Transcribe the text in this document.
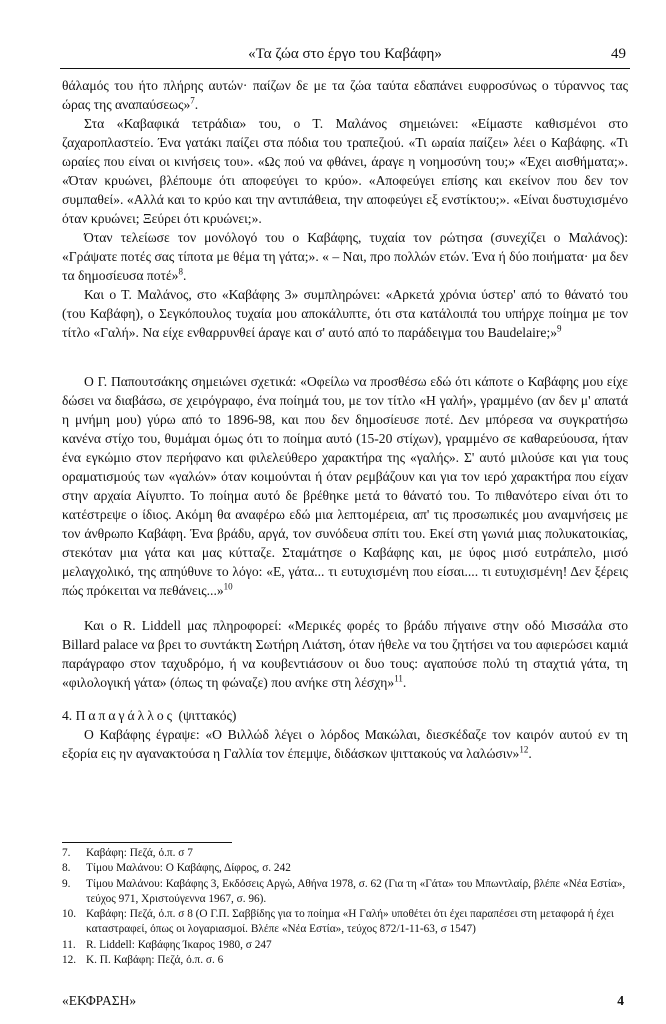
«Τα ζώα στο έργο του Καβάφη»	49

θάλαμός του ήτο πλήρης αυτών· παίζων δε με τα ζώα ταύτα εδαπάνει ευφροσύνως ο τύραννος τας ώρας της αναπαύσεως»$^7$.

Στα «Καβαφικά τετράδια» του, ο Τ. Μαλάνος σημειώνει: «Είμαστε καθισμένοι στο ζαχαροπλαστείο. Ένα γατάκι παίζει στα πόδια του τραπεζιού. «Τι ωραία παίζει» λέει ο Καβάφης. «Τι ωραίες που είναι οι κινήσεις του». «Ως πού να φθάνει, άραγε η νοημοσύνη του;» «Έχει αισθήματα;». «Όταν κρυώνει, βλέπουμε ότι αποφεύγει το κρύο». «Αποφεύγει επίσης και εκείνον που δεν τον συμπαθεί». «Αλλά και το κρύο και την αντιπάθεια, την αποφεύγει εξ ενστίκτου;». «Είναι δυστυχισμένο όταν κρυώνει; Ξεύρει ότι κρυώνει;».

Όταν τελείωσε τον μονόλογό του ο Καβάφης, τυχαία τον ρώτησα (συνεχίζει ο Μαλάνος): «Γράψατε ποτές σας τίποτα με θέμα τη γάτα;». « – Ναι, προ πολλών ετών. Ένα ή δύο ποιήματα· μα δεν τα δημοσίευσα ποτέ»$^8$.

Και ο Τ. Μαλάνος, στο «Καβάφης 3» συμπληρώνει: «Αρκετά χρόνια ύστερ' από το θάνατό του (του Καβάφη), ο Σεγκόπουλος τυχαία μου αποκάλυπτε, ότι στα κατάλοιπά του υπήρχε ποίημα με τον τίτλο «Γαλή». Να είχε ενθαρρυνθεί άραγε και σ' αυτό από το παράδειγμα του Baudelaire;»$^9$

Ο Γ. Παπουτσάκης σημειώνει σχετικά: «Οφείλω να προσθέσω εδώ ότι κάποτε ο Καβάφης μου είχε δώσει να διαβάσω, σε χειρόγραφο, ένα ποίημά του, με τον τίτλο «Η γαλή», γραμμένο (αν δεν μ' απατά η μνήμη μου) γύρω από το 1896-98, και που δεν δημοσίευσε ποτέ. Δεν μπόρεσα να συγκρατήσω κανένα στίχο του, θυμάμαι όμως ότι το ποίημα αυτό (15-20 στίχων), γραμμένο σε καθαρεύουσα, ήταν ένα εγκώμιο στον περήφανο και φιλελεύθερο χαρακτήρα της «γαλής». Σ' αυτό μιλούσε και για τους οραματισμούς των «γαλών» όταν κοιμούνται ή όταν ρεμβάζουν και για τον ιερό χαρακτήρα που είχαν στην αρχαία Αίγυπτο. Το ποίημα αυτό δε βρέθηκε μετά το θάνατό του. Το πιθανότερο είναι ότι το κατέστρεψε ο ίδιος. Ακόμη θα αναφέρω εδώ μια λεπτομέρεια, απ' τις προσωπικές μου αναμνήσεις με τον άνθρωπο Καβάφη. Ένα βράδυ, αργά, τον συνόδευα σπίτι του. Εκεί στη γωνιά μιας πολυκατοικίας, στεκόταν μια γάτα και μας κύτταζε. Σταμάτησε ο Καβάφης και, με ύφος μισό ευτράπελο, μισό μελαγχολικό, της απηύθυνε το λόγο: «Ε, γάτα... τι ευτυχισμένη που είσαι.... τι ευτυχισμένη! Δεν ξέρεις πώς πρόκειται να πεθάνεις...»$^{10}$

Και ο R. Liddell μας πληροφορεί: «Μερικές φορές το βράδυ πήγαινε στην οδό Μισσάλα στο Billard palace να βρει το συντάκτη Σωτήρη Λιάτση, όταν ήθελε να του ζητήσει να του αφιερώσει καμιά παράγραφο στον ταχυδρόμο, ή να κουβεντιάσουν οι δυο τους: αγαπούσε πολύ τη σταχτιά γάτα, τη «φιλολογική γάτα» (όπως τη φώναζε) που ανήκε στη λέσχη»$^{11}$.

4. Παπαγάλλος (ψιττακός)

Ο Καβάφης έγραψε: «Ο Βιλλώδ λέγει ο λόρδος Μακώλαι, διεσκέδαζε τον καιρόν αυτού εν τη εξορία εις ην αγανακτούσα η Γαλλία τον έπεμψε, διδάσκων ψιττακούς να λαλώσιν»$^{12}$.

7.	Καβάφη: Πεζά, ό.π. σ 7
8.	Τίμου Μαλάνου: Ο Καβάφης, Δίφρος, σ. 242
9.	Τίμου Μαλάνου: Καβάφης 3, Εκδόσεις Αργώ, Αθήνα 1978, σ. 62 (Για τη «Γάτα» του Μπωντλαίρ, βλέπε «Νέα Εστία», τεύχος 971, Χριστούγεννα 1967, σ. 96).
10. Καβάφη: Πεζά, ό.π. σ 8 (Ο Γ.Π. Σαββίδης για το ποίημα «Η Γαλή» υποθέτει ότι έχει παραπέσει στη μεταφορά ή έχει καταστραφεί, όπως οι λογαριασμοί. Βλέπε «Νέα Εστία», τεύχος 872/1-11-63, σ 1547)
11. R. Liddell: Καβάφης Ίκαρος 1980, σ 247
12. Κ. Π. Καβάφη: Πεζά, ό.π. σ. 6
«ΕΚΦΡΑΣΗ»	4
